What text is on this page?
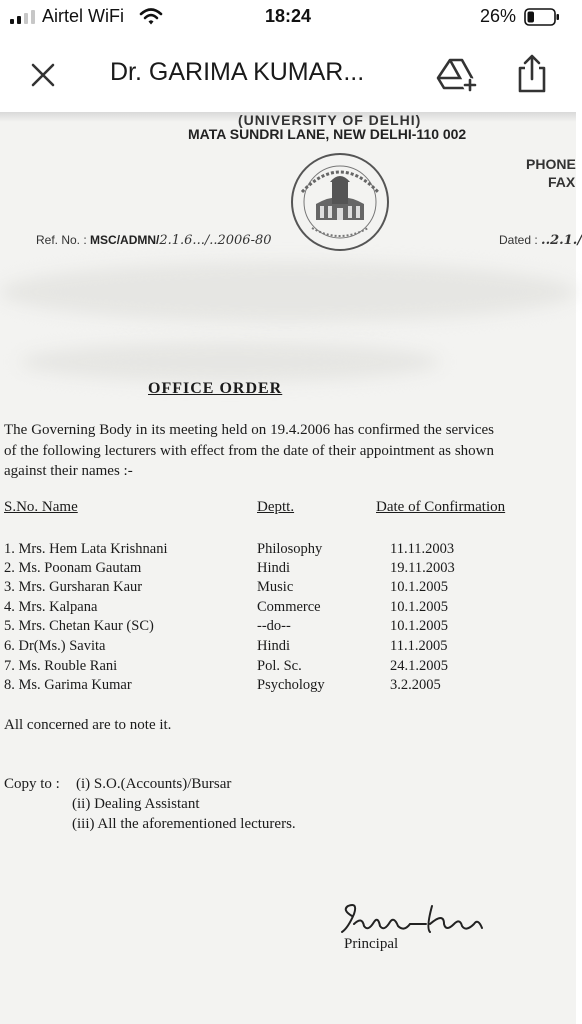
Airtel WiFi	18:24	26%
Dr. GARIMA KUMAR...
(UNIVERSITY OF DELHI)
MATA SUNDRI LANE, NEW DELHI-110 002
PHONE
FAX
Ref. No. : MSC/ADMN/2.1.6.../..2006-80	Dated : ..2.1./
OFFICE ORDER
The Governing Body in its meeting held on 19.4.2006 has confirmed the services of the following lecturers with effect from the date of their appointment as shown against their names :-
S.No. Name	Deptt.	Date of Confirmation
1. Mrs. Hem Lata Krishnani	Philosophy	11.11.2003
2. Ms. Poonam Gautam	Hindi	19.11.2003
3. Mrs. Gursharan Kaur	Music	10.1.2005
4. Mrs. Kalpana	Commerce	10.1.2005
5. Mrs. Chetan Kaur (SC)	--do--	10.1.2005
6. Dr(Ms.) Savita	Hindi	11.1.2005
7. Ms. Rouble Rani	Pol. Sc.	24.1.2005
8. Ms. Garima Kumar	Psychology	3.2.2005
All concerned are to note it.
Copy to : (i) S.O.(Accounts)/Bursar
(ii) Dealing Assistant
(iii) All the aforementioned lecturers.
Principal
